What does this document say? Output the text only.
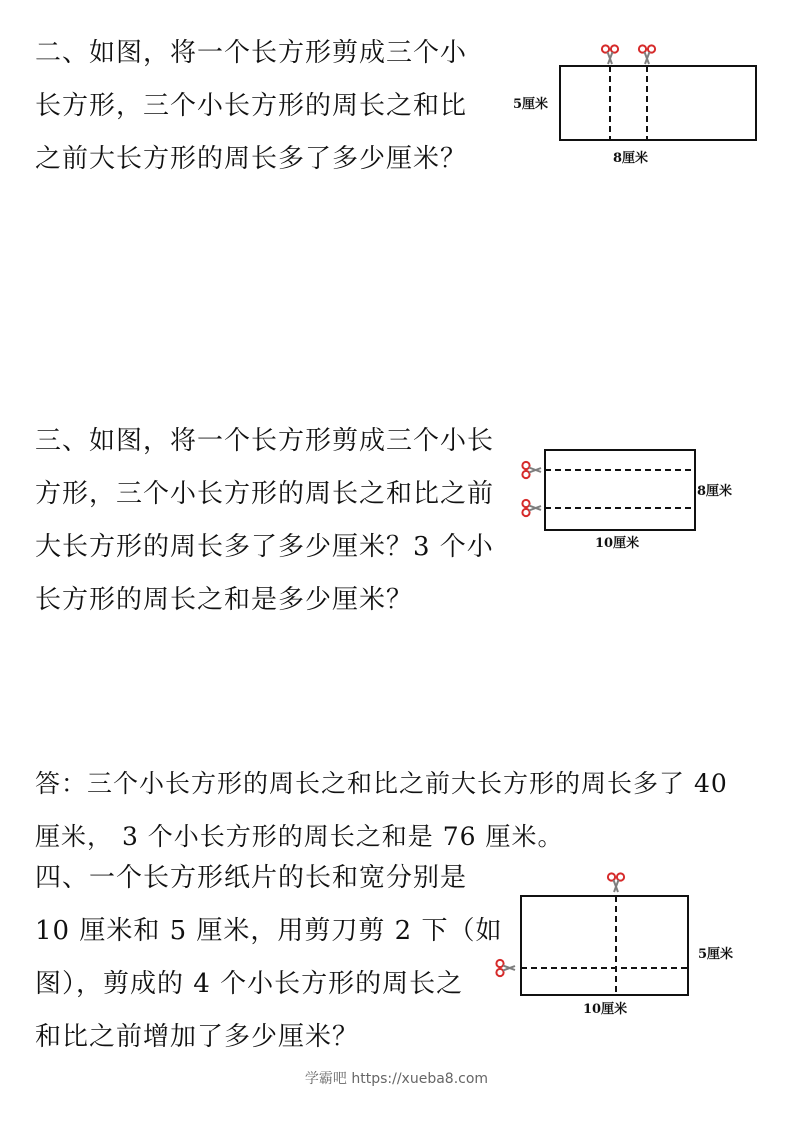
二、如图，将一个长方形剪成三个小
长方形，三个小长方形的周长之和比
之前大长方形的周长多了多少厘米？
5厘米
8厘米
三、如图，将一个长方形剪成三个小长
方形，三个小长方形的周长之和比之前
大长方形的周长多了多少厘米？3 个小
长方形的周长之和是多少厘米？
8厘米
10厘米
答：三个小长方形的周长之和比之前大长方形的周长多了 40
厘米， 3 个小长方形的周长之和是 76 厘米。
四、一个长方形纸片的长和宽分别是
10 厘米和 5 厘米，用剪刀剪 2 下（如
图），剪成的 4 个小长方形的周长之
和比之前增加了多少厘米？
5厘米
10厘米
学霸吧 https://xueba8.com
